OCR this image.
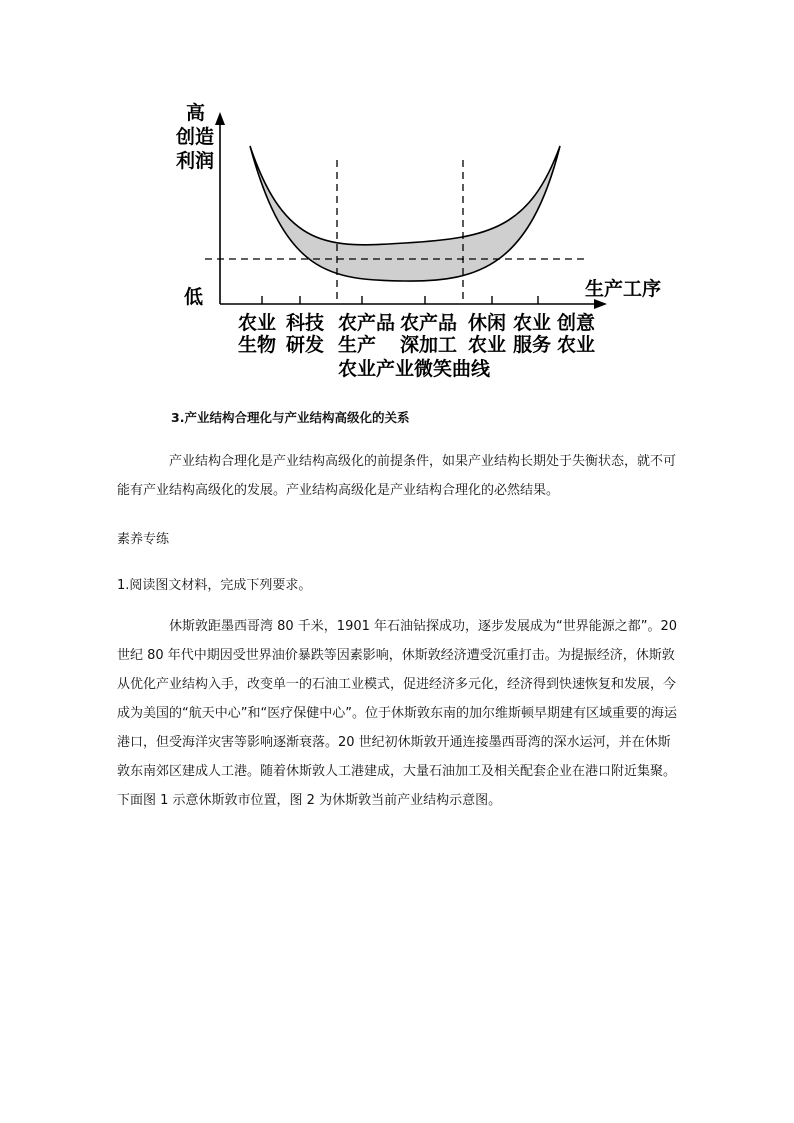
高
创造
利润
低	生产工序
农业
生物
科技
研发
农产品
生产
农产品
深加工
休闲
农业
农业
服务
创意
农业
农业产业微笑曲线
3.产业结构合理化与产业结构高级化的关系
产业结构合理化是产业结构高级化的前提条件，如果产业结构长期处于失衡状态，就不可能有产业结构高级化的发展。产业结构高级化是产业结构合理化的必然结果。
素养专练
1.阅读图文材料，完成下列要求。
休斯敦距墨西哥湾 80 千米，1901 年石油钻探成功，逐步发展成为“世界能源之都”。20 世纪 80 年代中期因受世界油价暴跌等因素影响，休斯敦经济遭受沉重打击。为提振经济，休斯敦从优化产业结构入手，改变单一的石油工业模式，促进经济多元化，经济得到快速恢复和发展，今成为美国的“航天中心”和“医疗保健中心”。位于休斯敦东南的加尔维斯顿早期建有区域重要的海运港口，但受海洋灾害等影响逐渐衰落。20 世纪初休斯敦开通连接墨西哥湾的深水运河，并在休斯敦东南郊区建成人工港。随着休斯敦人工港建成，大量石油加工及相关配套企业在港口附近集聚。下面图 1 示意休斯敦市位置，图 2 为休斯敦当前产业结构示意图。
